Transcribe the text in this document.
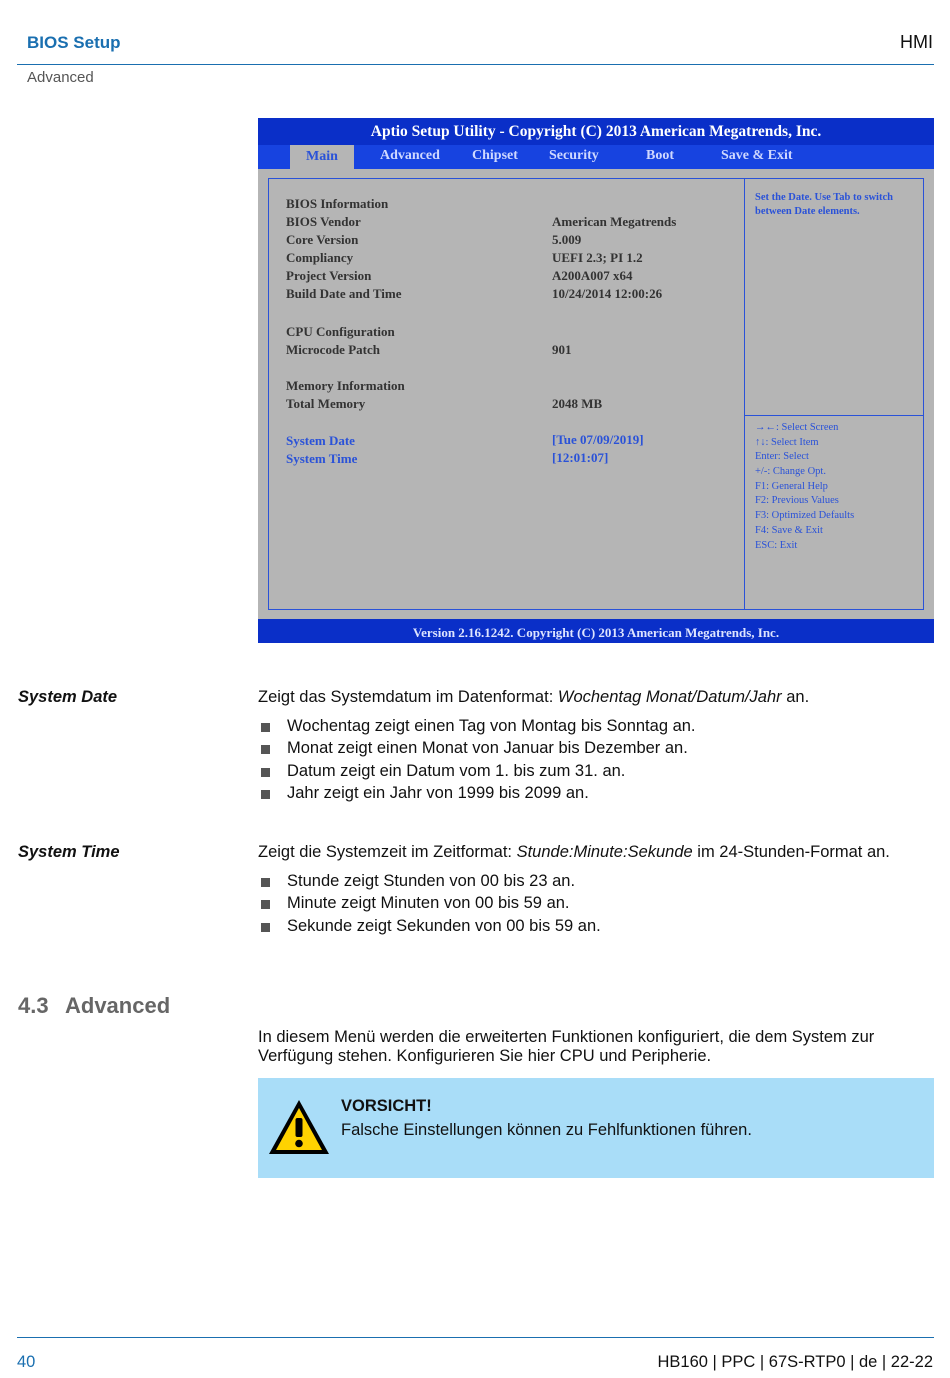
BIOS Setup	HMI
Advanced
Aptio Setup Utility - Copyright (C) 2013 American Megatrends, Inc.
Main	Advanced Chipset Security	Boot	Save & Exit
BIOS Information
BIOS Vendor	American Megatrends
Core Version	5.009
Compliancy	UEFI 2.3; PI 1.2
Project Version	A200A007 x64
Build Date and Time	10/24/2014 12:00:26
CPU Configuration
Microcode Patch	901
Memory Information
Total Memory	2048 MB
System Date	[Tue 07/09/2019]
System Time	[12:01:07]
Set the Date. Use Tab to switch between Date elements.
→←: Select Screen
↑↓: Select Item
Enter: Select
+/-: Change Opt.
F1: General Help
F2: Previous Values
F3: Optimized Defaults
F4: Save & Exit
ESC: Exit
Version 2.16.1242. Copyright (C) 2013 American Megatrends, Inc.
System Date	Zeigt das Systemdatum im Datenformat: Wochentag Monat/Datum/Jahr an.
Wochentag zeigt einen Tag von Montag bis Sonntag an.
Monat zeigt einen Monat von Januar bis Dezember an.
Datum zeigt ein Datum vom 1. bis zum 31. an.
Jahr zeigt ein Jahr von 1999 bis 2099 an.
System Time	Zeigt die Systemzeit im Zeitformat: Stunde:Minute:Sekunde im 24-Stunden-Format an.
Stunde zeigt Stunden von 00 bis 23 an.
Minute zeigt Minuten von 00 bis 59 an.
Sekunde zeigt Sekunden von 00 bis 59 an.
4.3 Advanced
In diesem Menü werden die erweiterten Funktionen konfiguriert, die dem System zur Verfügung stehen. Konfigurieren Sie hier CPU und Peripherie.
VORSICHT!
Falsche Einstellungen können zu Fehlfunktionen führen.
40	HB160 | PPC | 67S-RTP0 | de | 22-22
